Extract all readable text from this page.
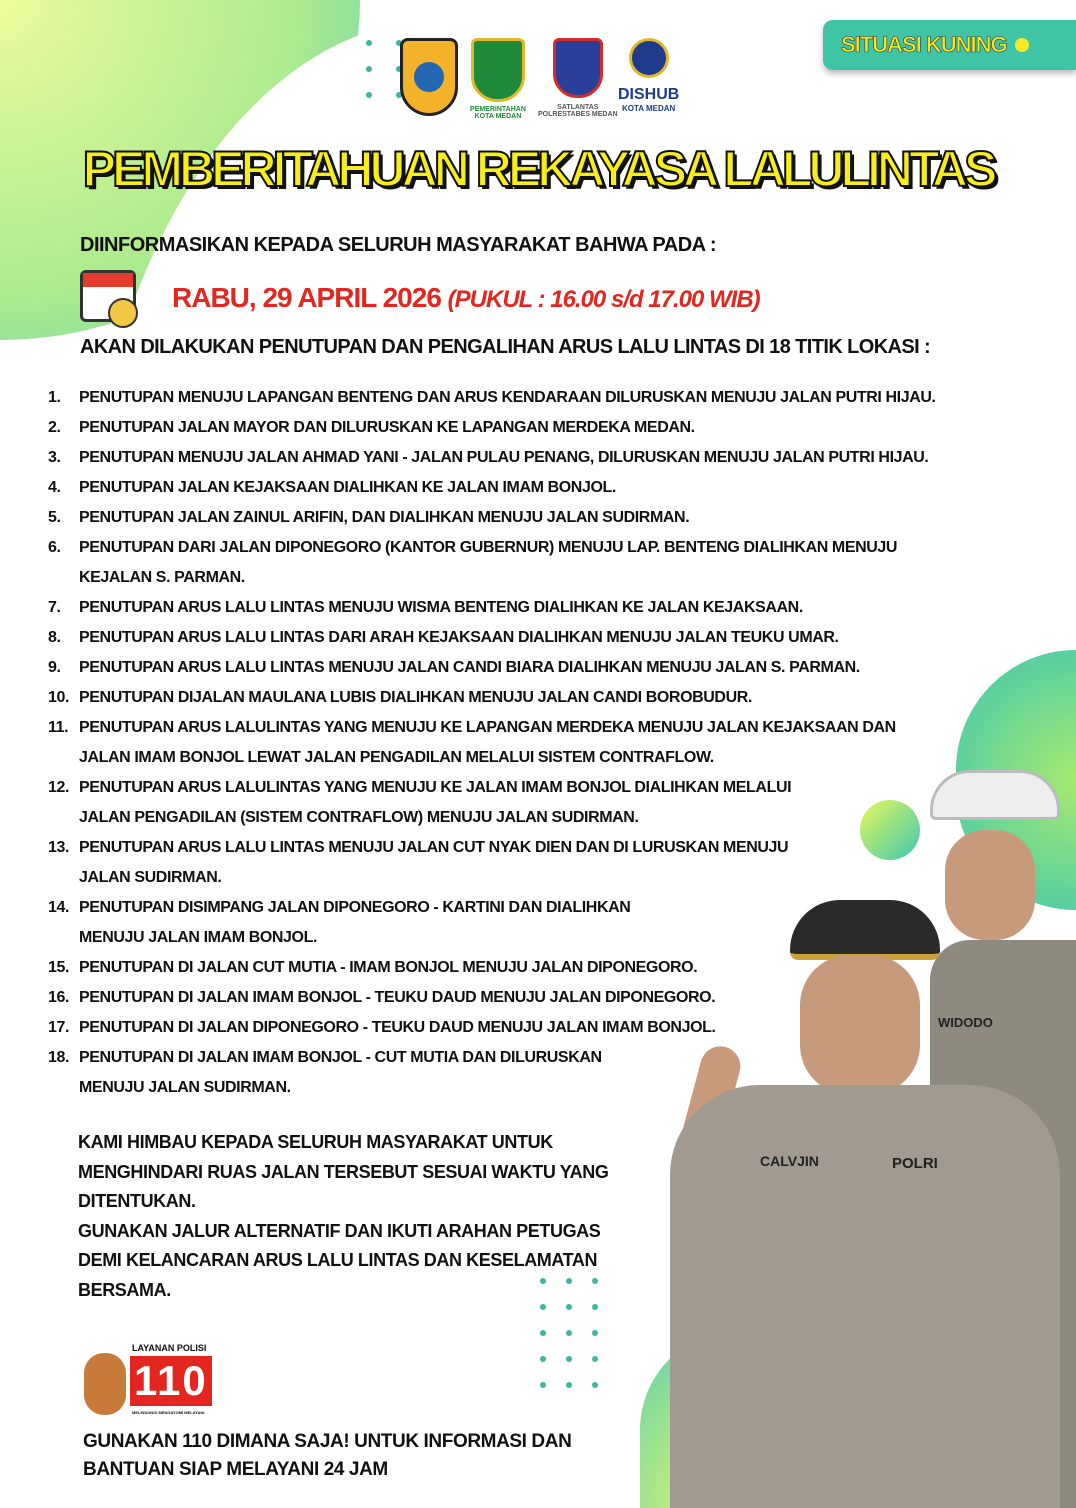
SITUASI KUNING
PEMERINTAHAN
KOTA MEDAN
SATLANTAS
POLRESTABES MEDAN
DISHUB
KOTA MEDAN
PEMBERITAHUAN REKAYASA LALULINTAS
DIINFORMASIKAN KEPADA SELURUH MASYARAKAT BAHWA PADA :
RABU, 29 APRIL 2026 (PUKUL : 16.00 s/d 17.00 WIB)
AKAN DILAKUKAN PENUTUPAN DAN PENGALIHAN ARUS LALU LINTAS DI 18 TITIK LOKASI :
1.	PENUTUPAN MENUJU LAPANGAN BENTENG DAN ARUS KENDARAAN DILURUSKAN MENUJU JALAN PUTRI HIJAU.
2.	PENUTUPAN JALAN MAYOR DAN DILURUSKAN KE LAPANGAN MERDEKA MEDAN.
3.	PENUTUPAN MENUJU JALAN AHMAD YANI - JALAN PULAU PENANG, DILURUSKAN MENUJU JALAN PUTRI HIJAU.
4.	PENUTUPAN JALAN KEJAKSAAN DIALIHKAN KE JALAN IMAM BONJOL.
5.	PENUTUPAN JALAN ZAINUL ARIFIN, DAN DIALIHKAN MENUJU JALAN SUDIRMAN.
6.	PENUTUPAN DARI JALAN DIPONEGORO (KANTOR GUBERNUR) MENUJU LAP. BENTENG DIALIHKAN MENUJU
KEJALAN S. PARMAN.
7.	PENUTUPAN ARUS LALU LINTAS MENUJU WISMA BENTENG DIALIHKAN KE JALAN KEJAKSAAN.
8.	PENUTUPAN ARUS LALU LINTAS DARI ARAH KEJAKSAAN DIALIHKAN MENUJU JALAN TEUKU UMAR.
9.	PENUTUPAN ARUS LALU LINTAS MENUJU JALAN CANDI BIARA DIALIHKAN MENUJU JALAN S. PARMAN.
10. PENUTUPAN DIJALAN MAULANA LUBIS DIALIHKAN MENUJU JALAN CANDI BOROBUDUR.
11. PENUTUPAN ARUS LALULINTAS YANG MENUJU KE LAPANGAN MERDEKA MENUJU JALAN KEJAKSAAN DAN
JALAN IMAM BONJOL LEWAT JALAN PENGADILAN MELALUI SISTEM CONTRAFLOW.
12. PENUTUPAN ARUS LALULINTAS YANG MENUJU KE JALAN IMAM BONJOL DIALIHKAN MELALUI
JALAN PENGADILAN (SISTEM CONTRAFLOW) MENUJU JALAN SUDIRMAN.
13. PENUTUPAN ARUS LALU LINTAS MENUJU JALAN CUT NYAK DIEN DAN DI LURUSKAN MENUJU
JALAN SUDIRMAN.
14. PENUTUPAN DISIMPANG JALAN DIPONEGORO - KARTINI DAN DIALIHKAN
MENUJU JALAN IMAM BONJOL.
15. PENUTUPAN DI JALAN CUT MUTIA - IMAM BONJOL MENUJU JALAN DIPONEGORO.
16. PENUTUPAN DI JALAN IMAM BONJOL - TEUKU DAUD MENUJU JALAN DIPONEGORO.
17. PENUTUPAN DI JALAN DIPONEGORO - TEUKU DAUD MENUJU JALAN IMAM BONJOL.
18. PENUTUPAN DI JALAN IMAM BONJOL - CUT MUTIA DAN DILURUSKAN
MENUJU JALAN SUDIRMAN.
WIDODO
CALVJIN	POLRI
KAMI HIMBAU KEPADA SELURUH MASYARAKAT UNTUK
MENGHINDARI RUAS JALAN TERSEBUT SESUAI WAKTU YANG
DITENTUKAN.
GUNAKAN JALUR ALTERNATIF DAN IKUTI ARAHAN PETUGAS
DEMI KELANCARAN ARUS LALU LINTAS DAN KESELAMATAN
BERSAMA.
LAYANAN POLISI
110
MELINDUNGI MENGAYOMI MELAYANI
GUNAKAN 110 DIMANA SAJA! UNTUK INFORMASI DAN
BANTUAN SIAP MELAYANI 24 JAM
